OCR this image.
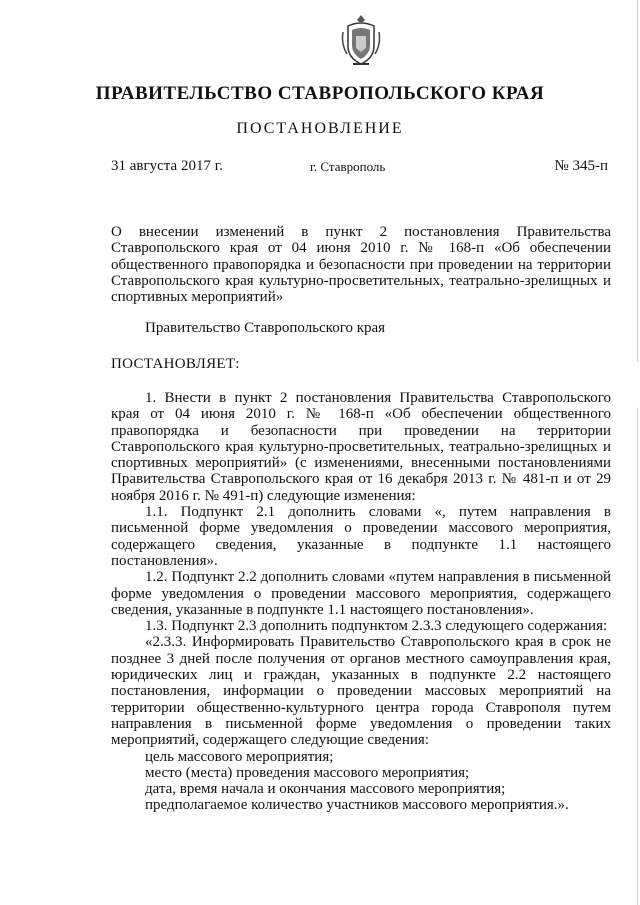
ПРАВИТЕЛЬСТВО СТАВРОПОЛЬСКОГО КРАЯ
ПОСТАНОВЛЕНИЕ
31 августа 2017 г.	г. Ставрополь	№ 345-п

О внесении изменений в пункт 2 постановления Правительства Ставропольского края от 04 июня 2010 г. № 168-п «Об обеспечении общественного правопорядка и безопасности при проведении на территории Ставропольского края культурно-просветительных, театрально-зрелищных и спортивных мероприятий»

Правительство Ставропольского края
ПОСТАНОВЛЯЕТ:

1. Внести в пункт 2 постановления Правительства Ставропольского края от 04 июня 2010 г. № 168-п «Об обеспечении общественного правопорядка и безопасности при проведении на территории Ставропольского края культурно-просветительных, театрально-зрелищных и спортивных мероприятий» (с изменениями, внесенными постановлениями Правительства Ставропольского края от 16 декабря 2013 г. № 481-п и от 29 ноября 2016 г. № 491-п) следующие изменения:

1.1. Подпункт 2.1 дополнить словами «, путем направления в письменной форме уведомления о проведении массового мероприятия, содержащего сведения, указанные в подпункте 1.1 настоящего постановления».

1.2. Подпункт 2.2 дополнить словами «путем направления в письменной форме уведомления о проведении массового мероприятия, содержащего сведения, указанные в подпункте 1.1 настоящего постановления».

1.3. Подпункт 2.3 дополнить подпунктом 2.3.3 следующего содержания:

«2.3.3. Информировать Правительство Ставропольского края в срок не позднее 3 дней после получения от органов местного самоуправления края, юридических лиц и граждан, указанных в подпункте 2.2 настоящего постановления, информации о проведении массовых мероприятий на территории общественно-культурного центра города Ставрополя путем направления в письменной форме уведомления о проведении таких мероприятий, содержащего следующие сведения:

цель массового мероприятия;

место (места) проведения массового мероприятия;

дата, время начала и окончания массового мероприятия;

предполагаемое количество участников массового мероприятия.».
